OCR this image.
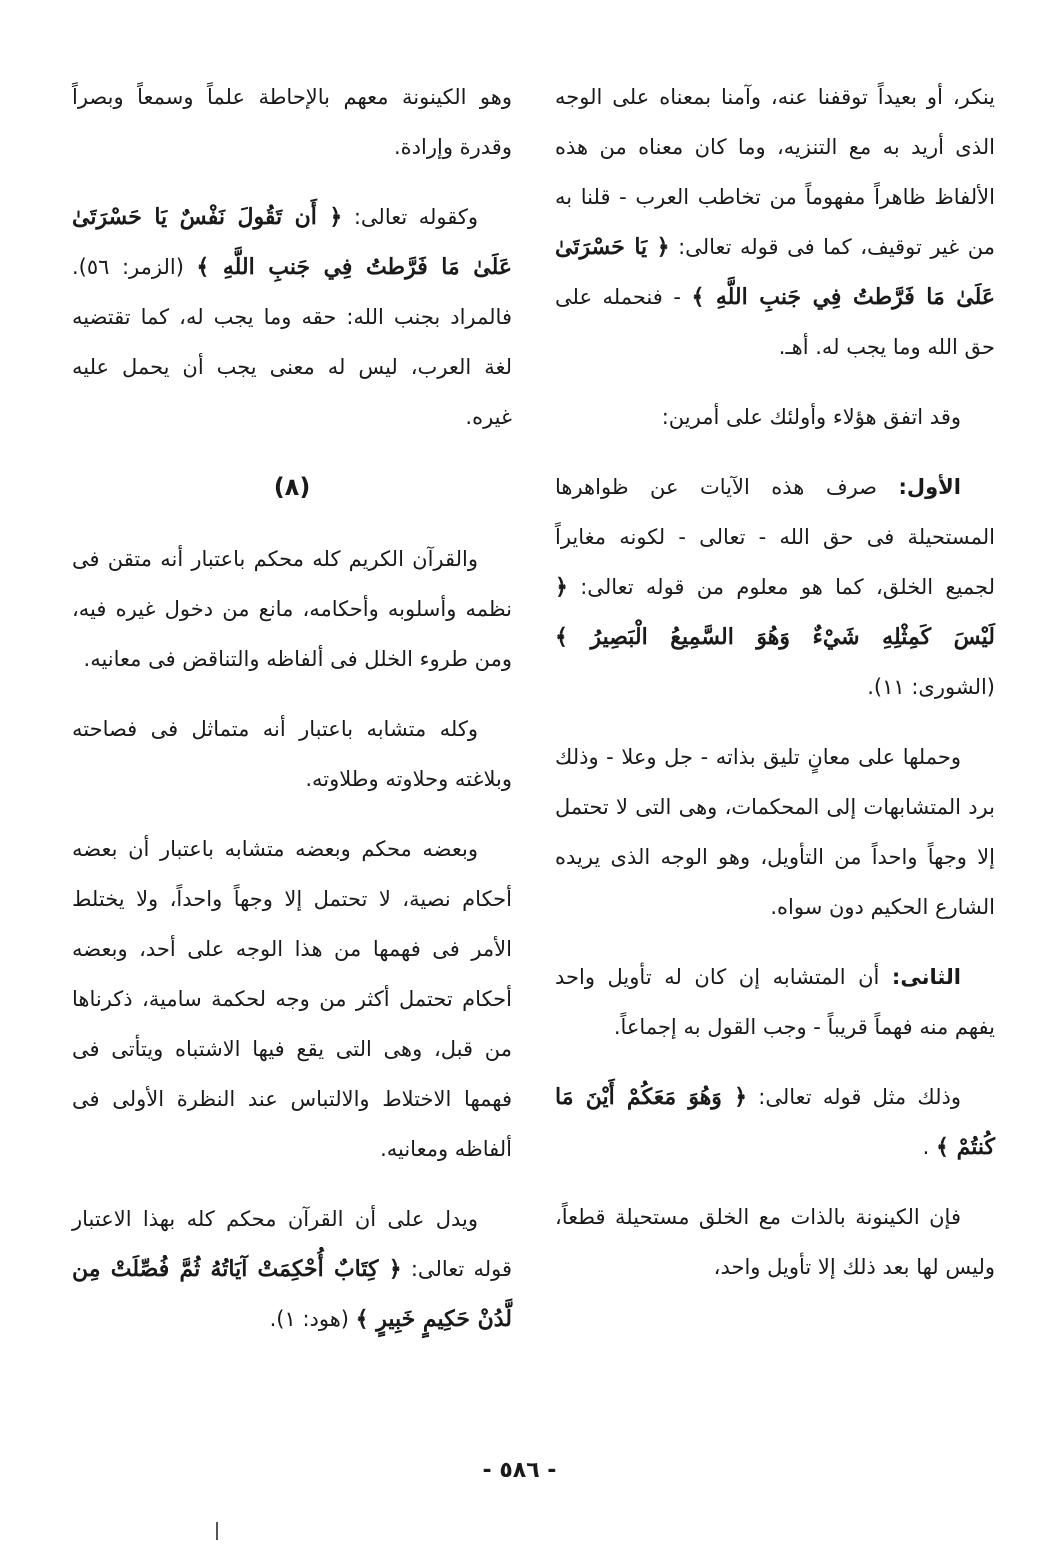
ينكر، أو بعيداً توقفنا عنه، وآمنا بمعناه على الوجه الذى أريد به مع التنزيه، وما كان معناه من هذه الألفاظ ظاهراً مفهوماً من تخاطب العرب - قلنا به من غير توقيف، كما فى قوله تعالى: ﴿ يَا حَسْرَتَىٰ عَلَىٰ مَا فَرَّطتُ فِي جَنبِ اللَّهِ ﴾ - فنحمله على حق الله وما يجب له. أهـ.

وقد اتفق هؤلاء وأولئك على أمرين:

الأول: صرف هذه الآيات عن ظواهرها المستحيلة فى حق الله - تعالى - لكونه مغايراً لجميع الخلق، كما هو معلوم من قوله تعالى: ﴿ لَيْسَ كَمِثْلِهِ شَيْءٌ وَهُوَ السَّمِيعُ الْبَصِيرُ ﴾ (الشورى: ١١).

وحملها على معانٍ تليق بذاته - جل وعلا - وذلك برد المتشابهات إلى المحكمات، وهى التى لا تحتمل إلا وجهاً واحداً من التأويل، وهو الوجه الذى يريده الشارع الحكيم دون سواه.

الثانى: أن المتشابه إن كان له تأويل واحد يفهم منه فهماً قريباً - وجب القول به إجماعاً.

وذلك مثل قوله تعالى: ﴿ وَهُوَ مَعَكُمْ أَيْنَ مَا كُنتُمْ ﴾ .

فإن الكينونة بالذات مع الخلق مستحيلة قطعاً، وليس لها بعد ذلك إلا تأويل واحد،

وهو الكينونة معهم بالإحاطة علماً وسمعاً وبصراً وقدرة وإرادة.

وكقوله تعالى: ﴿ أَن تَقُولَ نَفْسٌ يَا حَسْرَتَىٰ عَلَىٰ مَا فَرَّطتُ فِي جَنبِ اللَّهِ ﴾ (الزمر: ٥٦). فالمراد بجنب الله: حقه وما يجب له، كما تقتضيه لغة العرب، ليس له معنى يجب أن يحمل عليه غيره.

(٨)

والقرآن الكريم كله محكم باعتبار أنه متقن فى نظمه وأسلوبه وأحكامه، مانع من دخول غيره فيه، ومن طروء الخلل فى ألفاظه والتناقض فى معانيه.

وكله متشابه باعتبار أنه متماثل فى فصاحته وبلاغته وحلاوته وطلاوته.

وبعضه محكم وبعضه متشابه باعتبار أن بعضه أحكام نصية، لا تحتمل إلا وجهاً واحداً، ولا يختلط الأمر فى فهمها من هذا الوجه على أحد، وبعضه أحكام تحتمل أكثر من وجه لحكمة سامية، ذكرناها من قبل، وهى التى يقع فيها الاشتباه ويتأتى فى فهمها الاختلاط والالتباس عند النظرة الأولى فى ألفاظه ومعانيه.

ويدل على أن القرآن محكم كله بهذا الاعتبار قوله تعالى: ﴿ كِتَابٌ أُحْكِمَتْ آيَاتُهُ ثُمَّ فُصِّلَتْ مِن لَّدُنْ حَكِيمٍ خَبِيرٍ ﴾ (هود: ١).

- ٥٨٦ -
